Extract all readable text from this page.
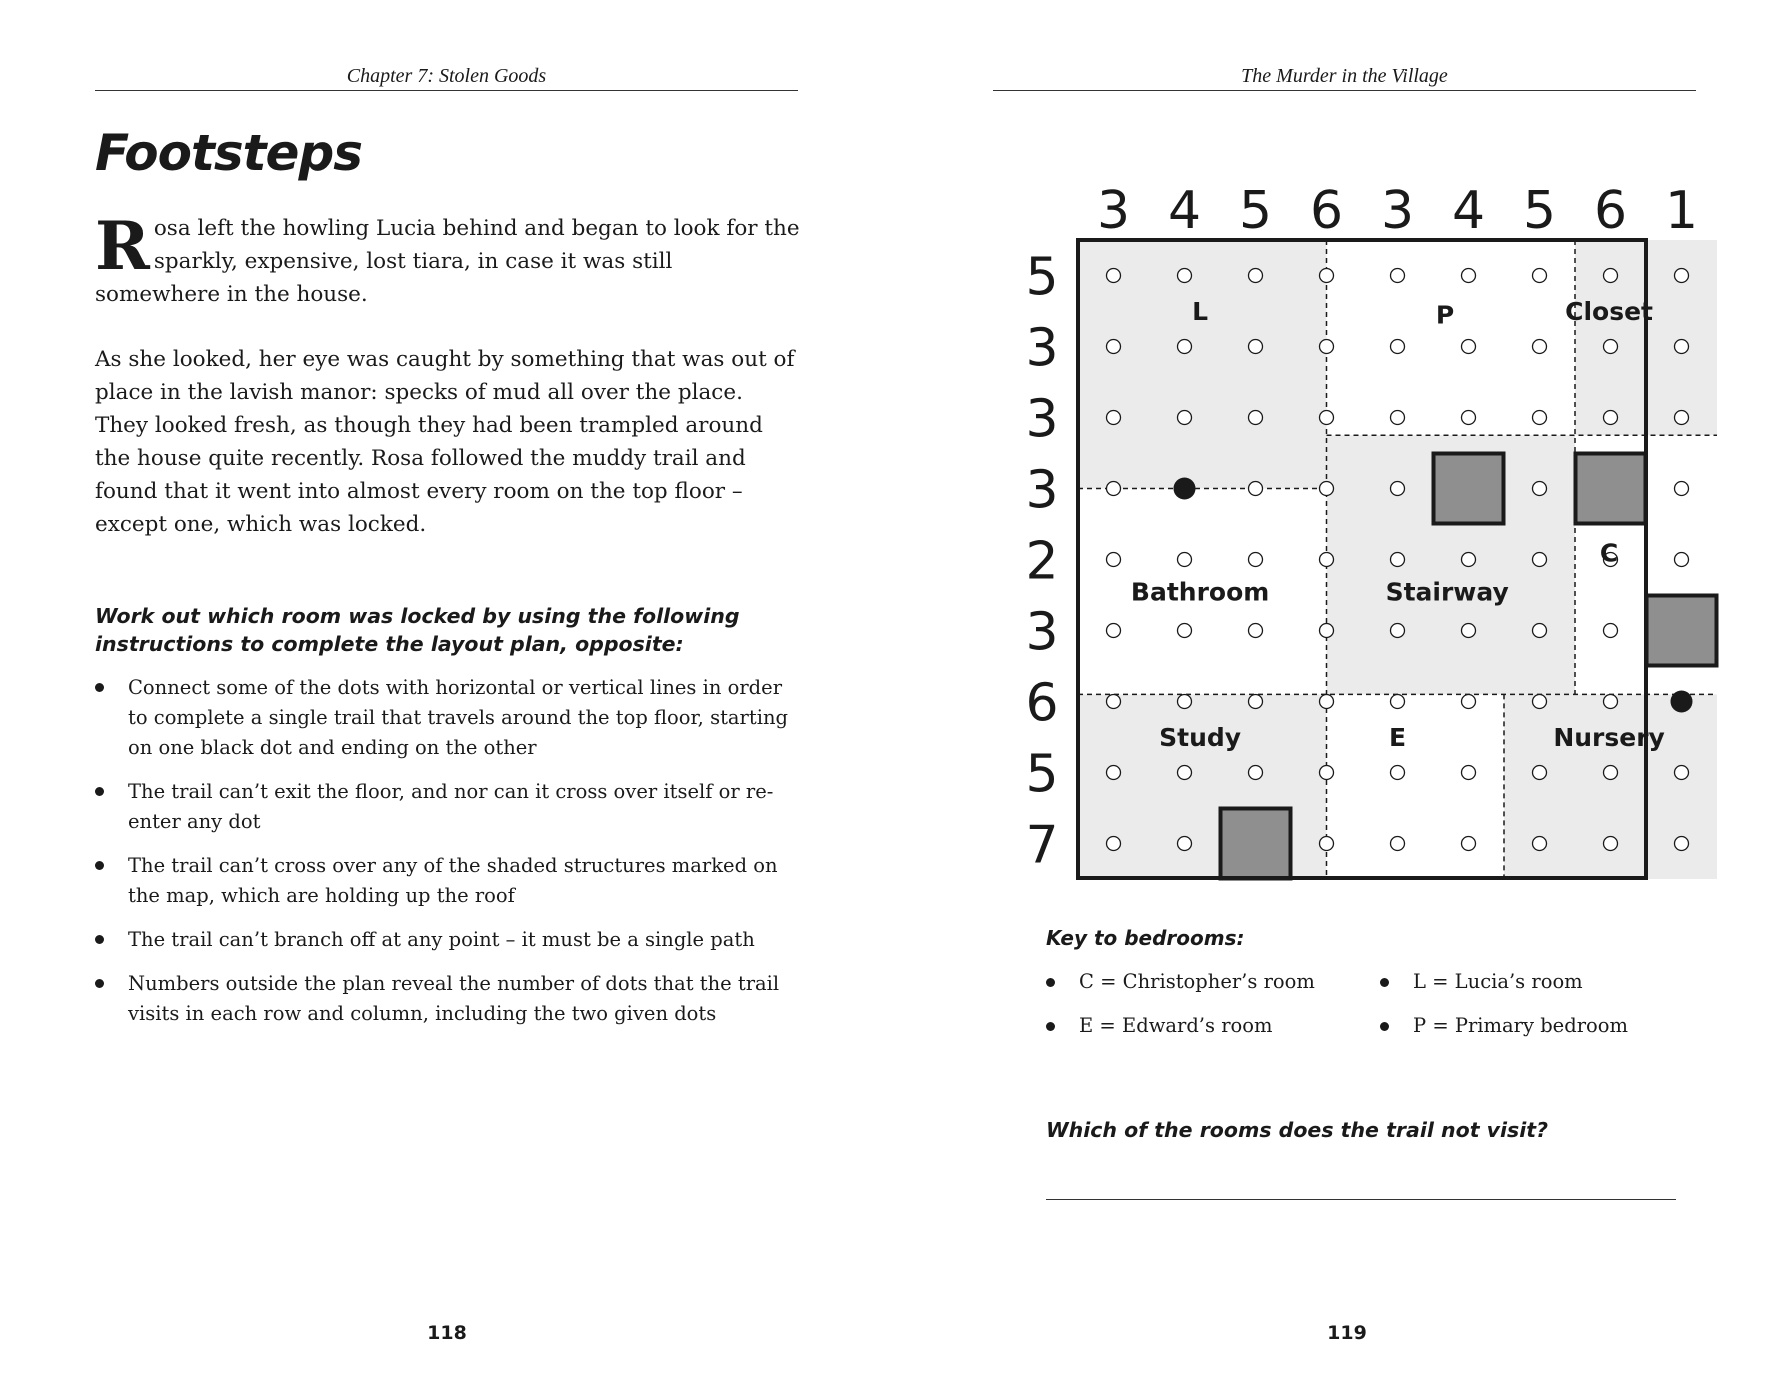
Chapter 7: Stolen Goods
Footsteps

Rosa left the howling Lucia behind and began to look for the sparkly, expensive, lost tiara, in case it was still somewhere in the house.

As she looked, her eye was caught by something that was out of place in the lavish manor: specks of mud all over the place. They looked fresh, as though they had been trampled around the house quite recently. Rosa followed the muddy trail and found that it went into almost every room on the top floor – except one, which was locked.

Work out which room was locked by using the following instructions to complete the layout plan, opposite:

Connect some of the dots with horizontal or vertical lines in order to complete a single trail that travels around the top floor, starting on one black dot and ending on the other
The trail can’t exit the floor, and nor can it cross over itself or re-enter any dot
The trail can’t cross over any of the shaded structures marked on the map, which are holding up the roof
The trail can’t branch off at any point – it must be a single path
Numbers outside the plan reveal the number of dots that the trail visits in each row and column, including the two given dots
118
The Murder in the Village
L	P	Closet
Bathroom	Stairway
C
Study	E	Nursery
3 4 5 6 3 4 5 6 1
5
3
3
3
2
3
6
5
7

Key to bedrooms:

C = Christopher’s room
E = Edward’s room
L = Lucia’s room
P = Primary bedroom

Which of the rooms does the trail not visit?

119
